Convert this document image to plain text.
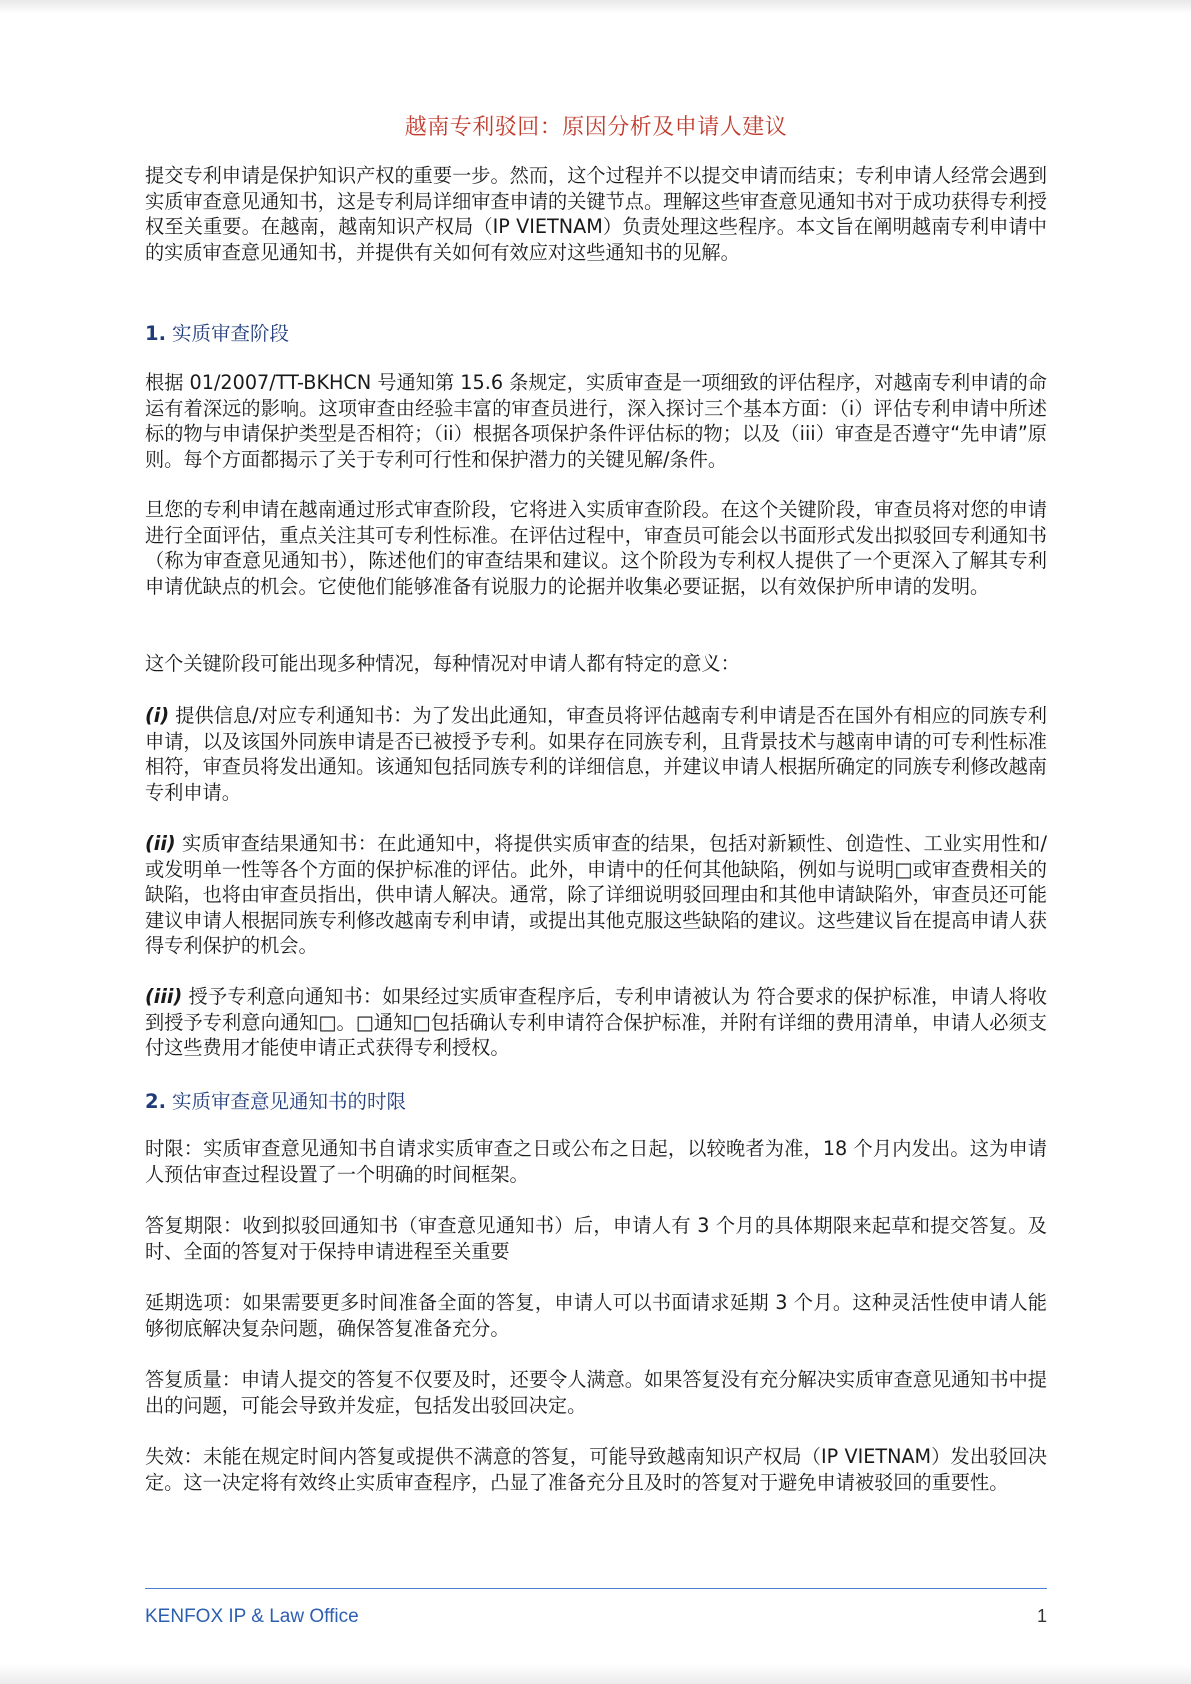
越南专利驳回：原因分析及申请人建议
提交专利申请是保护知识产权的重要一步。然而，这个过程并不以提交申请而结束；专利申请人经常会遇到实质审查意见通知书，这是专利局详细审查申请的关键节点。理解这些审查意见通知书对于成功获得专利授权至关重要。在越南，越南知识产权局（IP VIETNAM）负责处理这些程序。本文旨在阐明越南专利申请中的实质审查意见通知书，并提供有关如何有效应对这些通知书的见解。
1. 实质审查阶段
根据 01/2007/TT-BKHCN 号通知第 15.6 条规定，实质审查是一项细致的评估程序，对越南专利申请的命运有着深远的影响。这项审查由经验丰富的审查员进行，深入探讨三个基本方面：（i）评估专利申请中所述标的物与申请保护类型是否相符；（ii）根据各项保护条件评估标的物；以及（iii）审查是否遵守“先申请”原则。每个方面都揭示了关于专利可行性和保护潜力的关键见解/条件。
旦您的专利申请在越南通过形式审查阶段，它将进入实质审查阶段。在这个关键阶段，审查员将对您的申请进行全面评估，重点关注其可专利性标准。在评估过程中，审查员可能会以书面形式发出拟驳回专利通知书（称为审查意见通知书），陈述他们的审查结果和建议。这个阶段为专利权人提供了一个更深入了解其专利申请优缺点的机会。它使他们能够准备有说服力的论据并收集必要证据，以有效保护所申请的发明。
这个关键阶段可能出现多种情况，每种情况对申请人都有特定的意义：
(i) 提供信息/对应专利通知书：为了发出此通知，审查员将评估越南专利申请是否在国外有相应的同族专利申请，以及该国外同族申请是否已被授予专利。如果存在同族专利，且背景技术与越南申请的可专利性标准相符，审查员将发出通知。该通知包括同族专利的详细信息，并建议申请人根据所确定的同族专利修改越南专利申请。
(ii) 实质审查结果通知书：在此通知中，将提供实质审查的结果，包括对新颖性、创造性、工业实用性和/或发明单一性等各个方面的保护标准的评估。此外，申请中的任何其他缺陷，例如与说明□或审查费相关的缺陷，也将由审查员指出，供申请人解决。通常，除了详细说明驳回理由和其他申请缺陷外，审查员还可能建议申请人根据同族专利修改越南专利申请，或提出其他克服这些缺陷的建议。这些建议旨在提高申请人获得专利保护的机会。
(iii) 授予专利意向通知书：如果经过实质审查程序后，专利申请被认为 符合要求的保护标准，申请人将收到授予专利意向通知□。□通知□包括确认专利申请符合保护标准，并附有详细的费用清单，申请人必须支付这些费用才能使申请正式获得专利授权。
2. 实质审查意见通知书的时限
时限：实质审查意见通知书自请求实质审查之日或公布之日起，以较晚者为准，18 个月内发出。这为申请人预估审查过程设置了一个明确的时间框架。
答复期限：收到拟驳回通知书（审查意见通知书）后，申请人有 3 个月的具体期限来起草和提交答复。及时、全面的答复对于保持申请进程至关重要
延期选项：如果需要更多时间准备全面的答复，申请人可以书面请求延期 3 个月。这种灵活性使申请人能够彻底解决复杂问题，确保答复准备充分。
答复质量：申请人提交的答复不仅要及时，还要令人满意。如果答复没有充分解决实质审查意见通知书中提出的问题，可能会导致并发症，包括发出驳回决定。
失效：未能在规定时间内答复或提供不满意的答复，可能导致越南知识产权局（IP VIETNAM）发出驳回决定。这一决定将有效终止实质审查程序，凸显了准备充分且及时的答复对于避免申请被驳回的重要性。
KENFOX IP & Law Office	1
